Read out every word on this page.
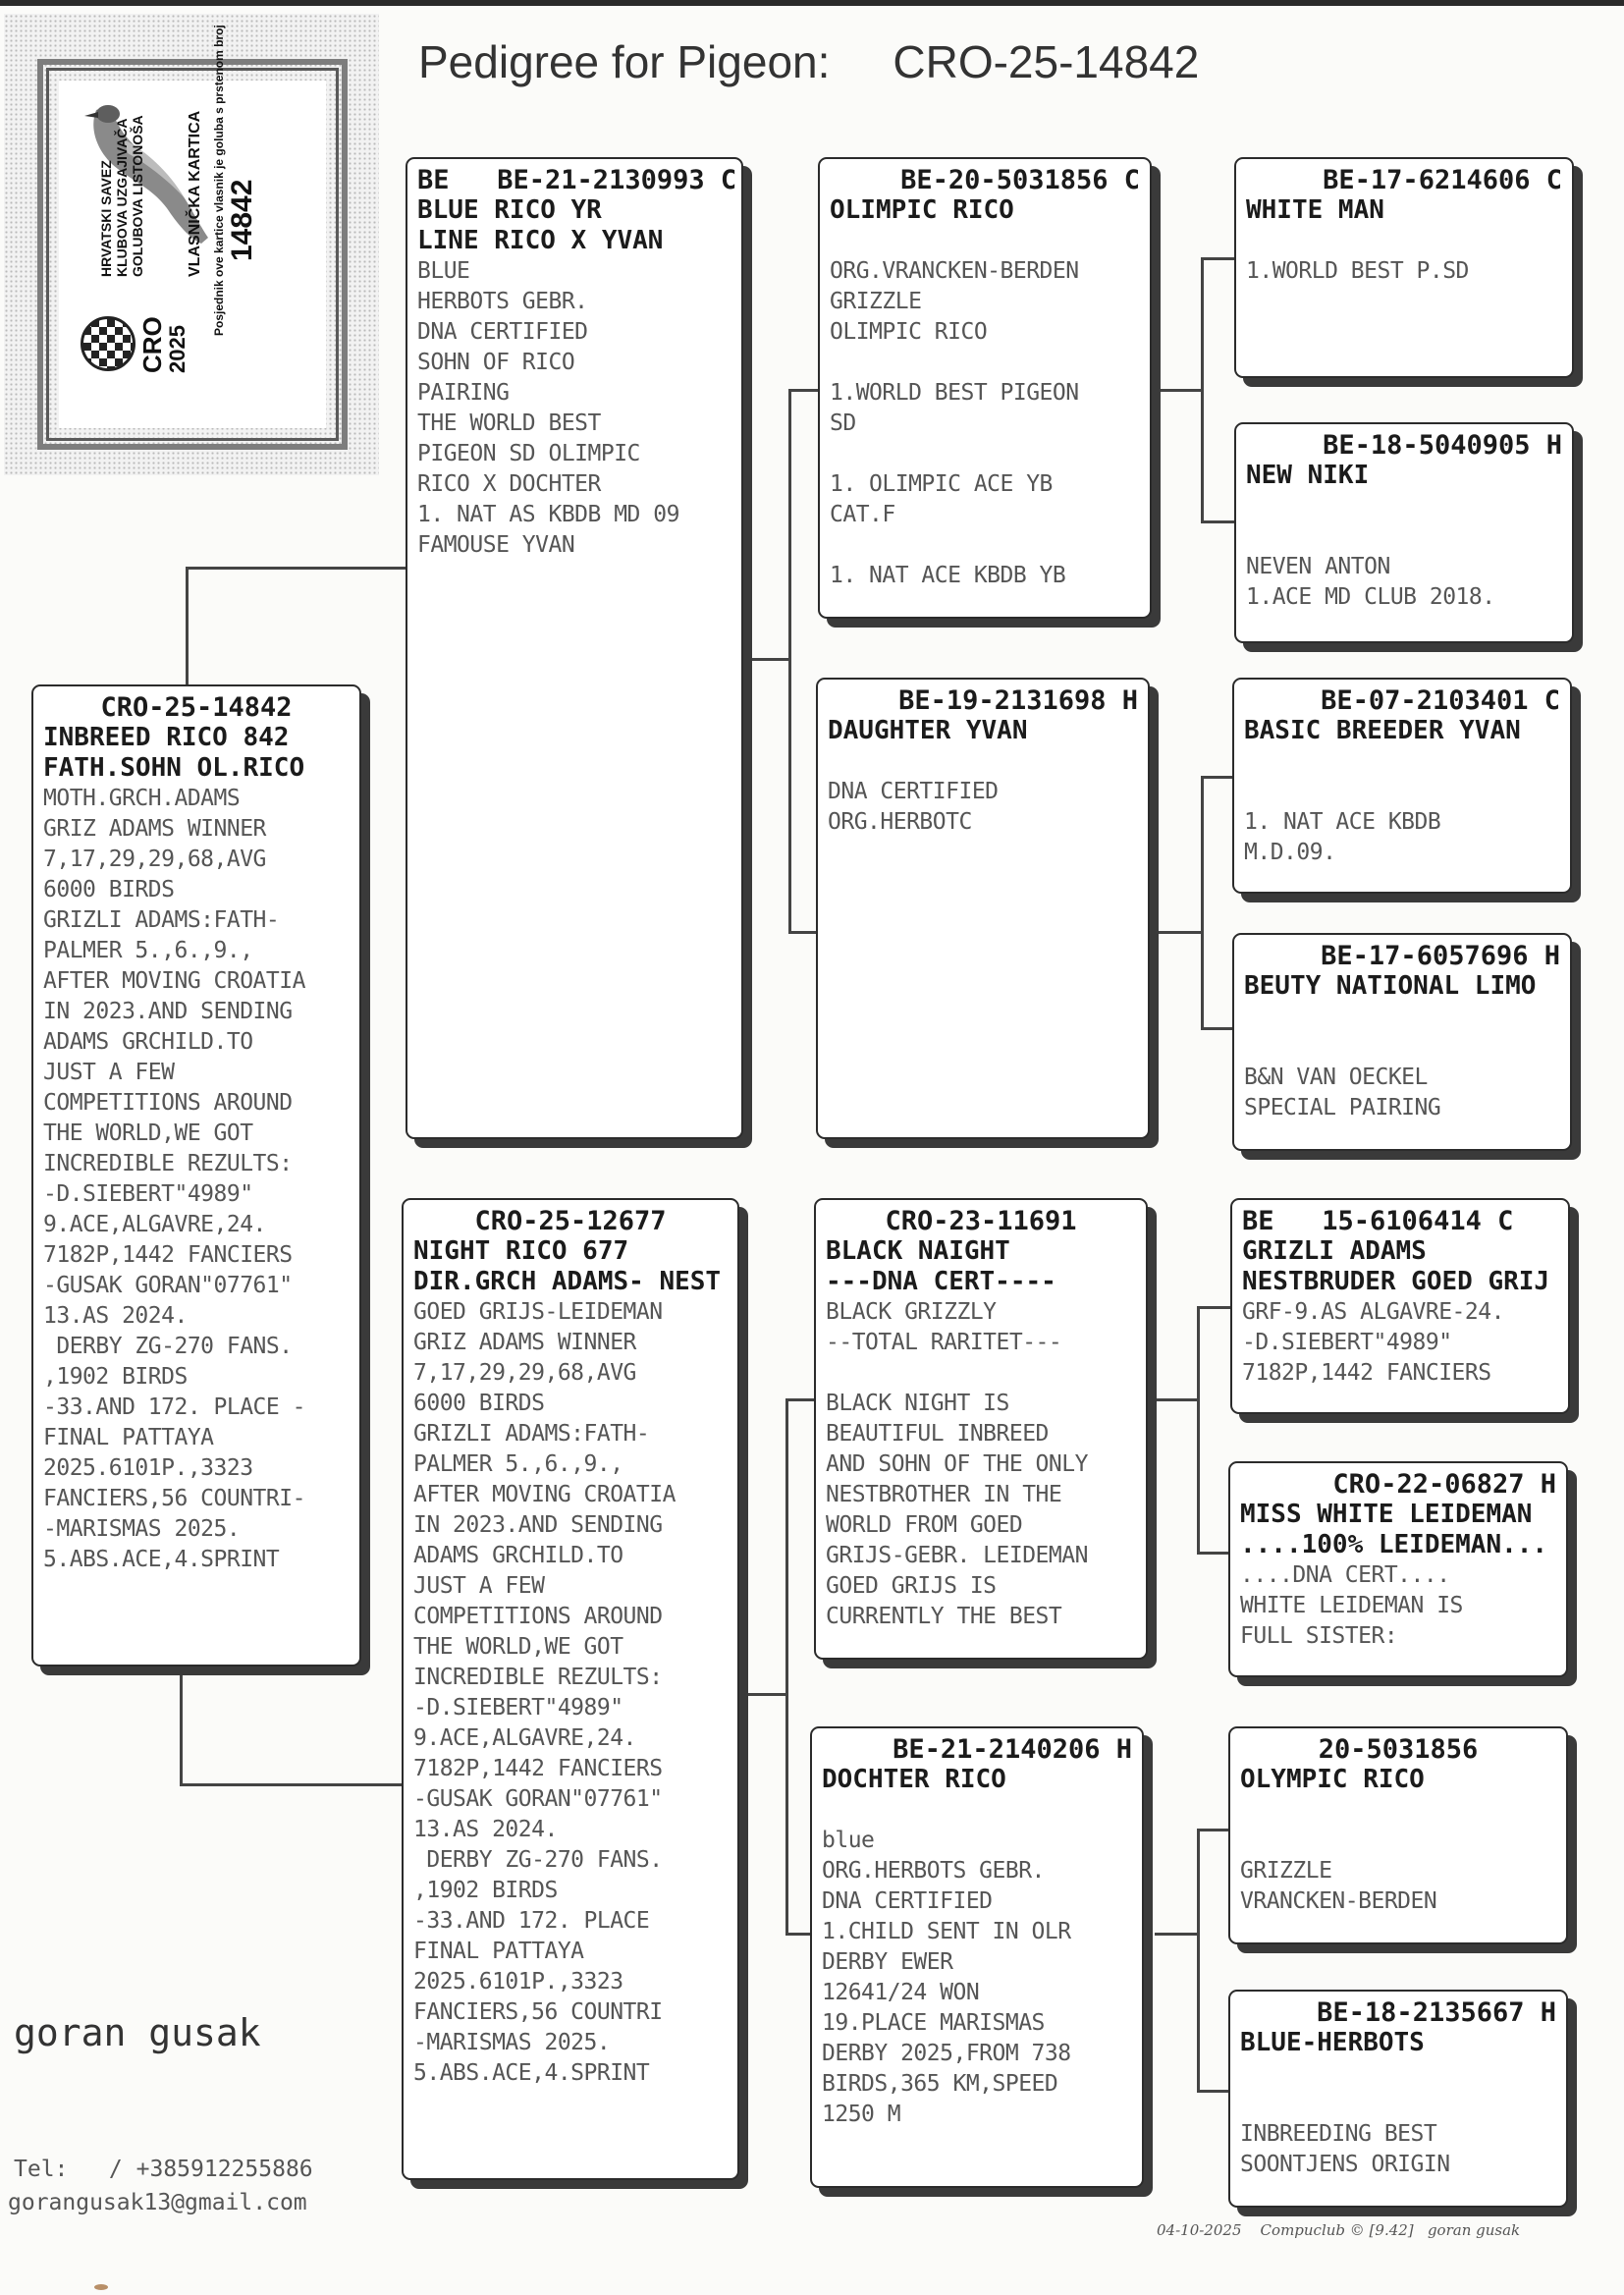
HRVATSKI SAVEZ KLUBOVA UZGAJIVAČA GOLUBOVA LISTONOŠA	VLASNIČKA KARTICA Posjednik ove kartice vlasnik je goluba s prstenom broj 14842
CRO
2025
Pedigree for Pigeon: CRO-25-14842
CRO-25-14842
INBREED RICO 842
FATH.SOHN OL.RICO
MOTH.GRCH.ADAMS
GRIZ ADAMS WINNER
7,17,29,29,68,AVG
6000 BIRDS
GRIZLI ADAMS:FATH-
PALMER 5.,6.,9.,
AFTER MOVING CROATIA
IN 2023.AND SENDING
ADAMS GRCHILD.TO
JUST A FEW
COMPETITIONS AROUND
THE WORLD,WE GOT
INCREDIBLE REZULTS:
-D.SIEBERT"4989"
9.ACE,ALGAVRE,24.
7182P,1442 FANCIERS
-GUSAK GORAN"07761"
13.AS 2024.
DERBY ZG-270 FANS.
,1902 BIRDS
-33.AND 172. PLACE -
FINAL PATTAYA
2025.6101P.,3323
FANCIERS,56 COUNTRI-
-MARISMAS 2025.
5.ABS.ACE,4.SPRINT
BE   BE-21-2130993 C
BLUE RICO YR
LINE RICO X YVAN
BLUE
HERBOTS GEBR.
DNA CERTIFIED
SOHN OF RICO
PAIRING
THE WORLD BEST
PIGEON SD OLIMPIC
RICO X DOCHTER
1. NAT AS KBDB MD 09
FAMOUSE YVAN
CRO-25-12677
NIGHT RICO 677
DIR.GRCH ADAMS- NEST
GOED GRIJS-LEIDEMAN
GRIZ ADAMS WINNER
7,17,29,29,68,AVG
6000 BIRDS
GRIZLI ADAMS:FATH-
PALMER 5.,6.,9.,
AFTER MOVING CROATIA
IN 2023.AND SENDING
ADAMS GRCHILD.TO
JUST A FEW
COMPETITIONS AROUND
THE WORLD,WE GOT
INCREDIBLE REZULTS:
-D.SIEBERT"4989"
9.ACE,ALGAVRE,24.
7182P,1442 FANCIERS
-GUSAK GORAN"07761"
13.AS 2024.
DERBY ZG-270 FANS.
,1902 BIRDS
-33.AND 172. PLACE
FINAL PATTAYA
2025.6101P.,3323
FANCIERS,56 COUNTRI
-MARISMAS 2025.
5.ABS.ACE,4.SPRINT
BE-20-5031856 C
OLIMPIC RICO
ORG.VRANCKEN-BERDEN
GRIZZLE
OLIMPIC RICO
1.WORLD BEST PIGEON
SD
1. OLIMPIC ACE YB
CAT.F
1. NAT ACE KBDB YB
BE-19-2131698 H
DAUGHTER YVAN
DNA CERTIFIED
ORG.HERBOTC
CRO-23-11691
BLACK NAIGHT
---DNA CERT----
BLACK GRIZZLY
--TOTAL RARITET---
BLACK NIGHT IS
BEAUTIFUL INBREED
AND SOHN OF THE ONLY
NESTBROTHER IN THE
WORLD FROM GOED
GRIJS-GEBR. LEIDEMAN
GOED GRIJS IS
CURRENTLY THE BEST
BE-21-2140206 H
DOCHTER RICO
blue
ORG.HERBOTS GEBR.
DNA CERTIFIED
1.CHILD SENT IN OLR
DERBY EWER
12641/24 WON
19.PLACE MARISMAS
DERBY 2025,FROM 738
BIRDS,365 KM,SPEED
1250 M
BE-17-6214606 C
WHITE MAN
1.WORLD BEST P.SD
BE-18-5040905 H
NEW NIKI
NEVEN ANTON
1.ACE MD CLUB 2018.
BE-07-2103401 C
BASIC BREEDER YVAN
1. NAT ACE KBDB
M.D.09.
BE-17-6057696 H
BEUTY NATIONAL LIMO
B&N VAN OECKEL
SPECIAL PAIRING
BE   15-6106414 C
GRIZLI ADAMS
NESTBRUDER GOED GRIJ
GRF-9.AS ALGAVRE-24.
-D.SIEBERT"4989"
7182P,1442 FANCIERS
CRO-22-06827 H
MISS WHITE LEIDEMAN
....100% LEIDEMAN...
....DNA CERT....
WHITE LEIDEMAN IS
FULL SISTER:
20-5031856
OLYMPIC RICO
GRIZZLE
VRANCKEN-BERDEN
BE-18-2135667 H
BLUE-HERBOTS
INBREEDING BEST
SOONTJENS ORIGIN
goran gusak
Tel:   / +385912255886
gorangusak13@gmail.com
04-10-2025    Compuclub © [9.42]   goran gusak
